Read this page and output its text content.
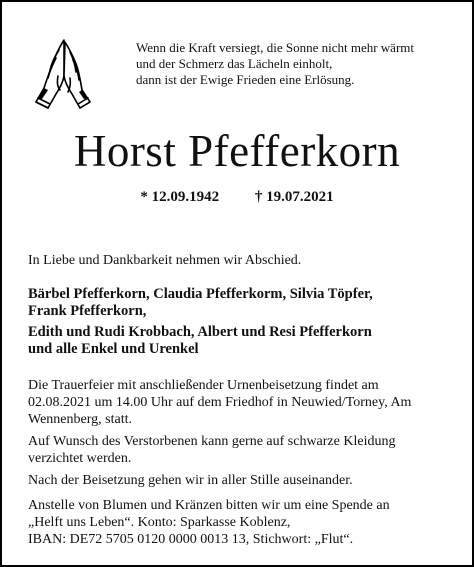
Wenn die Kraft versiegt, die Sonne nicht mehr wärmt
und der Schmerz das Lächeln einholt,
dann ist der Ewige Frieden eine Erlösung.
Horst Pfefferkorn
* 12.09.1942 † 19.07.2021
In Liebe und Dankbarkeit nehmen wir Abschied.
Bärbel Pfefferkorn, Claudia Pfefferkorm, Silvia Töpfer,
Frank Pfefferkorn,
Edith und Rudi Krobbach, Albert und Resi Pfefferkorn
und alle Enkel und Urenkel
Die Trauerfeier mit anschließender Urnenbeisetzung findet am
02.08.2021 um 14.00 Uhr auf dem Friedhof in Neuwied/Torney, Am
Wennenberg, statt.
Auf Wunsch des Verstorbenen kann gerne auf schwarze Kleidung
verzichtet werden.
Nach der Beisetzung gehen wir in aller Stille auseinander.
Anstelle von Blumen und Kränzen bitten wir um eine Spende an
„Helft uns Leben“. Konto: Sparkasse Koblenz,
IBAN: DE72 5705 0120 0000 0013 13, Stichwort: „Flut“.
